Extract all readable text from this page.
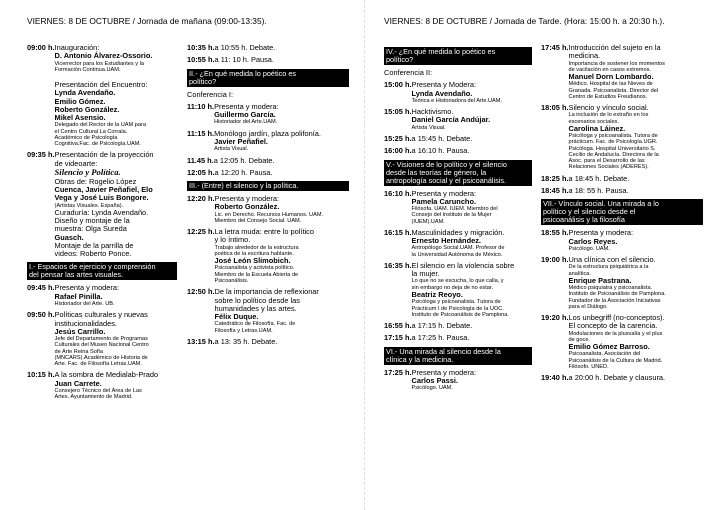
VIERNES: 8 DE OCTUBRE / Jornada de mañana (09:00-13:35).	VIERNES: 8 DE OCTUBRE / Jornada de Tarde. (Hora: 15:00 h. a 20:30 h.).
09:00 h. Inauguración:
D. Antonio Álvarez-Ossorio.
Vicerrector para los Estudiantes y la
Formación Continua.UAM.
Presentación del Encuentro:
Lynda Avendaño.
Emilio Gómez.
Roberto González.
Mikel Asensio.
Delegado del Rector de la UAM para
el Centro Cultural La Corrala.
Académico de Psicología
Cognitiva.Fac. de Psicología.UAM.
09:35 h. Presentación de la proyección
de videoarte:
Silencio y Política.
Obras de: Rogelio López
Cuenca, Javier Peñafiel, Elo
Vega y José Luis Bongore.
(Artistas Visuales. España).
Curaduría: Lynda Avendaño.
Diseño y montaje de la
muestra: Olga Sureda
Guasch.
Montaje de la parrilla de
videos: Roberto Ponce.
I.- Espacios de ejercicio y comprensión
del pensar las artes visuales.
09:45 h. Presenta y modera:
Rafael Pinilla.
Historiador del Arte. UB.
09:50 h. Políticas culturales y nuevas
institucionalidades.
Jesús Carrillo.
Jefe del Departamento de Programas
Culturales del Museo Nacional Centro
de Arte Reina Sofía
(MNCARS).Académico de Historia de
Arte. Fac. de Filosofía Letras.UAM.
10:15 h. A la sombra de Medialab-Prado
Juan Carrete.
Consejero Técnico del Área de Las
Artes. Ayuntamiento de Madrid.
10:35 h. a 10:55 h. Debate.
10:55 h. a 11: 10 h. Pausa.
II.- ¿En qué medida lo poético es
político?
Conferencia I:
11:10 h. Presenta y modera:
Guillermo García.
Historiador del Arte.UAM.
11:15 h. Monólogo jardín, plaza polifonía.
Javier Peñafiel.
Artista Visual.
11.45 h. a 12:05 h. Debate.
12:05 h. a 12:20 h. Pausa.
III.- (Entre) el silencio y la política.
12:20 h. Presenta y modera:
Roberto González.
Lic. en Derecho. Recursos Humanos. UAM.
Miembro del Consejo Social. UAM.
12:25 h. La letra muda: entre lo político
y lo íntimo.
Trabajo alrededor de la estructura
poética de la escritura hablante.
José León Slimobich.
Psicoanalista y activista político.
Miembro de la Escuela Abierta de
Psicoanálisis.
12:50 h. De la importancia de reflexionar
sobre lo político desde las
humanidades y las artes.
Félix Duque.
Catedrático de Filosofía. Fac. de
Filosofía y Letras.UAM.
13:15 h. a 13: 35 h. Debate.
IV.- ¿En qué medida lo poético es
político?
Conferencia II:
15:00 h. Presenta y Modera:
Lynda Avendaño.
Teórica e Historiadora del Arte.UAM.
15:05 h. Hacktivismo.
Daniel García Andújar.
Artista Visual.
15:25 h. a 15:45 h. Debate.
16:00 h. a 16:10 h. Pausa.
V.- Visiones de lo político y el silencio
desde las teorías de género, la
antropología social y el psicoanálisis.
16:10 h. Presenta y modera:
Pamela Caruncho.
Filósofa. UAM. IUEM. Miembro del
Consejo del Instituto de la Mujer
(IUEM).UAM.
16:15 h. Masculinidades y migración.
Ernesto Hernández.
Antropólogo Social.UAM. Profesor de
la Universidad Autónoma de México.
16:35 h. El silencio en la violencia sobre
la mujer.
Lo que no se escucha, lo que calla, y
sin embargo no deja de no estar.
Beatriz Reoyo.
Psicóloga y psicoanalista. Tutora de
Prácticum I de Psicología de la UOC.
Instituto de Psicoanálisis de Pamplona.
16:55 h. a 17:15 h. Debate.
17:15 h. a 17:25 h. Pausa.
VI.- Una mirada al silencio desde la
clínica y la medicina.
17:25 h. Presenta y modera:
Carlos Passi.
Psicólogo. UAM.
17:45 h. Introducción del sujeto en la
medicina.
Importancia de sostener los momentos
de vacilación en casos extremos.
Manuel Dorn Lombardo.
Médico. Hospital de las Nieves de
Granada. Psicoanalista. Director del
Centro de Estudios Freudianos.
18:05 h. Silencio y vínculo social.
La inclusión de lo extraño en los
escenarios sociales.
Carolina Láinez.
Psicóloga y psicoanalista. Tutora de
prácticum. Fac. de Psicología.UGR.
Psicóloga. Hospital Universitario S.
Cecilio de Andalucía. Directora de la
Asoc. para el Desarrollo de las
Relaciones Sociales (ADERES).
18:25 h. a 18:45 h. Debate.
18:45 h. a 18: 55 h. Pausa.
VII.- Vínculo social. Una mirada a lo
político y el silencio desde el
psicoanálisis y la filosofía
18:55 h. Presenta y modera:
Carlos Reyes.
Psicólogo. UAM.
19:00 h. Una clínica con el silencio.
De la estructura psiquiátrica a la
analítica.
Enrique Pastrana.
Médico psiquiatra y psicoanalista.
Instituto de Psicoanálisis de Pamplona.
Fundador de la Asociación Iniciativas
para el Diálogo.
19:20 h. Los unbegriff (no-conceptos).
El concepto de la carencia.
Modulaciones de la plusvalía y el plus
de goce.
Emilio Gómez Barroso.
Psicoanalista. Asociación del
Psicoanálisis de la Cultura de Madrid.
Filósofo. UNED.
19:40 h. a 20:00 h. Debate y clausura.
